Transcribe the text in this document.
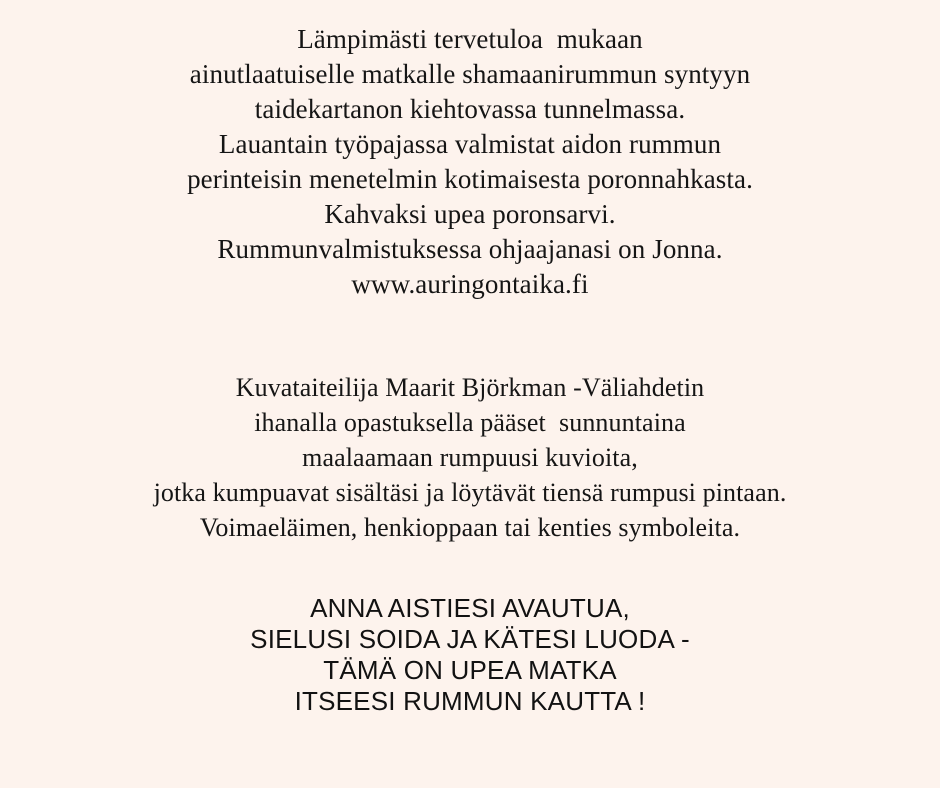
Lämpimästi tervetuloa  mukaan
ainutlaatuiselle matkalle shamaanirummun syntyyn
taidekartanon kiehtovassa tunnelmassa.
Lauantain työpajassa valmistat aidon rummun
perinteisin menetelmin kotimaisesta poronnahkasta.
Kahvaksi upea poronsarvi.
Rummunvalmistuksessa ohjaajanasi on Jonna.
www.auringontaika.fi
Kuvataiteilija Maarit Björkman -Väliahdetin
ihanalla opastuksella pääset  sunnuntaina
maalaamaan rumpuusi kuvioita,
jotka kumpuavat sisältäsi ja löytävät tiensä rumpusi pintaan.
Voimaeläimen, henkioppaan tai kenties symboleita.
ANNA AISTIESI AVAUTUA,
SIELUSI SOIDA JA KÄTESI LUODA -
TÄMÄ ON UPEA MATKA
ITSEESI RUMMUN KAUTTA !
